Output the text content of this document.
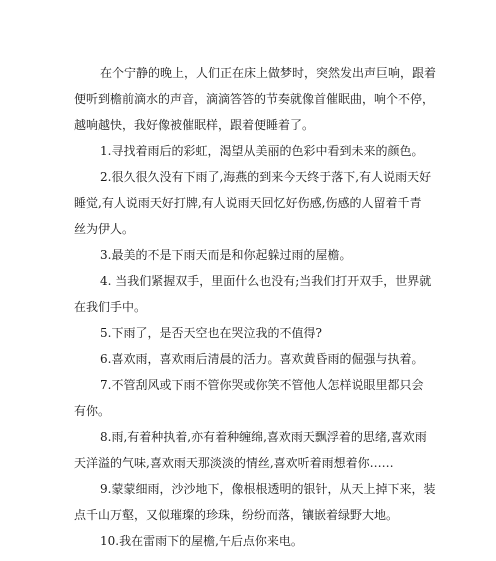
在个宁静的晚上，人们正在床上做梦时，突然发出声巨响，跟着
便听到檐前滴水的声音，滴滴答答的节奏就像首催眠曲，响个不停，
越响越快，我好像被催眠样，跟着便睡着了。
1.寻找着雨后的彩虹，渴望从美丽的色彩中看到未来的颜色。
2.很久很久没有下雨了,海燕的到来今天终于落下,有人说雨天好
睡觉,有人说雨天好打牌,有人说雨天回忆好伤感,伤感的人留着千青
丝为伊人。
3.最美的不是下雨天而是和你起躲过雨的屋檐。
4. 当我们紧握双手，里面什么也没有;当我们打开双手，世界就
在我们手中。
5.下雨了，是否天空也在哭泣我的不值得?
6.喜欢雨，喜欢雨后清晨的活力。喜欢黄昏雨的倔强与执着。
7.不管刮风或下雨不管你哭或你笑不管他人怎样说眼里都只会
有你。
8.雨,有着种执着,亦有着种缠绵,喜欢雨天飘浮着的思绪,喜欢雨
天洋溢的气味,喜欢雨天那淡淡的情丝,喜欢听着雨想着你……
9.蒙蒙细雨，沙沙地下，像根根透明的银针，从天上掉下来，装
点千山万壑，又似璀璨的珍珠，纷纷而落，镶嵌着绿野大地。
10.我在雷雨下的屋檐,午后点你来电。
